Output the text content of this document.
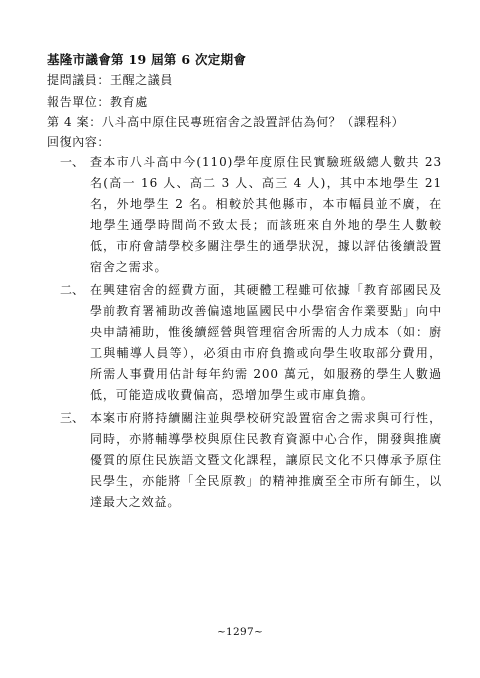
基隆市議會第 19 屆第 6 次定期會
提問議員：王醒之議員
報告單位：教育處
第 4 案：八斗高中原住民專班宿舍之設置評估為何？（課程科）
回復內容：
一、 查本市八斗高中今(110)學年度原住民實驗班級總人數共 23 名(高一 16 人、高二 3 人、高三 4 人)，其中本地學生 21 名，外地學生 2 名。相較於其他縣市，本市幅員並不廣，在地學生通學時間尚不致太長；而該班來自外地的學生人數較低，市府會請學校多關注學生的通學狀況，據以評估後續設置宿舍之需求。
二、 在興建宿舍的經費方面，其硬體工程雖可依據「教育部國民及學前教育署補助改善偏遠地區國民中小學宿舍作業要點」向中央申請補助，惟後續經營與管理宿舍所需的人力成本（如：廚工與輔導人員等），必須由市府負擔或向學生收取部分費用，所需人事費用估計每年約需 200 萬元，如服務的學生人數過低，可能造成收費偏高，恐增加學生或市庫負擔。
三、 本案市府將持續關注並與學校研究設置宿舍之需求與可行性，同時，亦將輔導學校與原住民教育資源中心合作，開發與推廣優質的原住民族語文暨文化課程，讓原民文化不只傳承予原住民學生，亦能將「全民原教」的精神推廣至全市所有師生，以達最大之效益。
~1297~
